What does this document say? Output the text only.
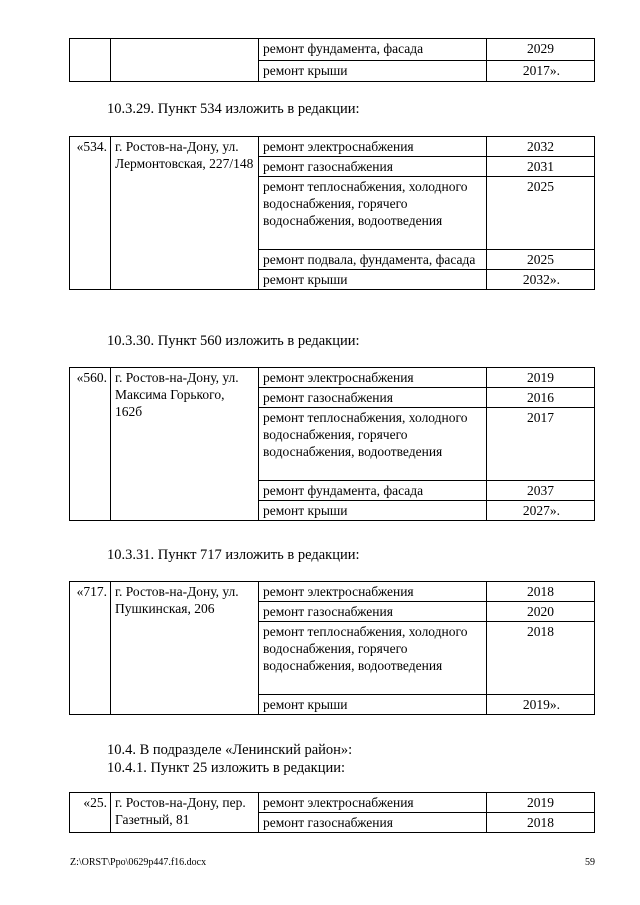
		ремонт фундамента, фасада	2029
		ремонт крыши	2017».
10.3.29. Пункт 534 изложить в редакции:
«534.	г. Ростов-на-Дону, ул. Лермонтовская, 227/148	ремонт электроснабжения	2032
		ремонт газоснабжения	2031
		ремонт теплоснабжения, холодного водоснабжения, горячего водоснабжения, водоотведения	2025
		ремонт подвала, фундамента, фасада	2025
		ремонт крыши	2032».
10.3.30. Пункт 560 изложить в редакции:
«560.	г. Ростов-на-Дону, ул. Максима Горького, 162б	ремонт электроснабжения	2019
		ремонт газоснабжения	2016
		ремонт теплоснабжения, холодного водоснабжения, горячего водоснабжения, водоотведения	2017
		ремонт фундамента, фасада	2037
		ремонт крыши	2027».
10.3.31. Пункт 717 изложить в редакции:
«717.	г. Ростов-на-Дону, ул. Пушкинская, 206	ремонт электроснабжения	2018
		ремонт газоснабжения	2020
		ремонт теплоснабжения, холодного водоснабжения, горячего водоснабжения, водоотведения	2018
		ремонт крыши	2019».
10.4. В подразделе «Ленинский район»:
10.4.1. Пункт 25 изложить в редакции:
«25.	г. Ростов-на-Дону, пер. Газетный, 81	ремонт электроснабжения	2019
		ремонт газоснабжения	2018
Z:\ORST\Ppo\0629p447.f16.docx	59
